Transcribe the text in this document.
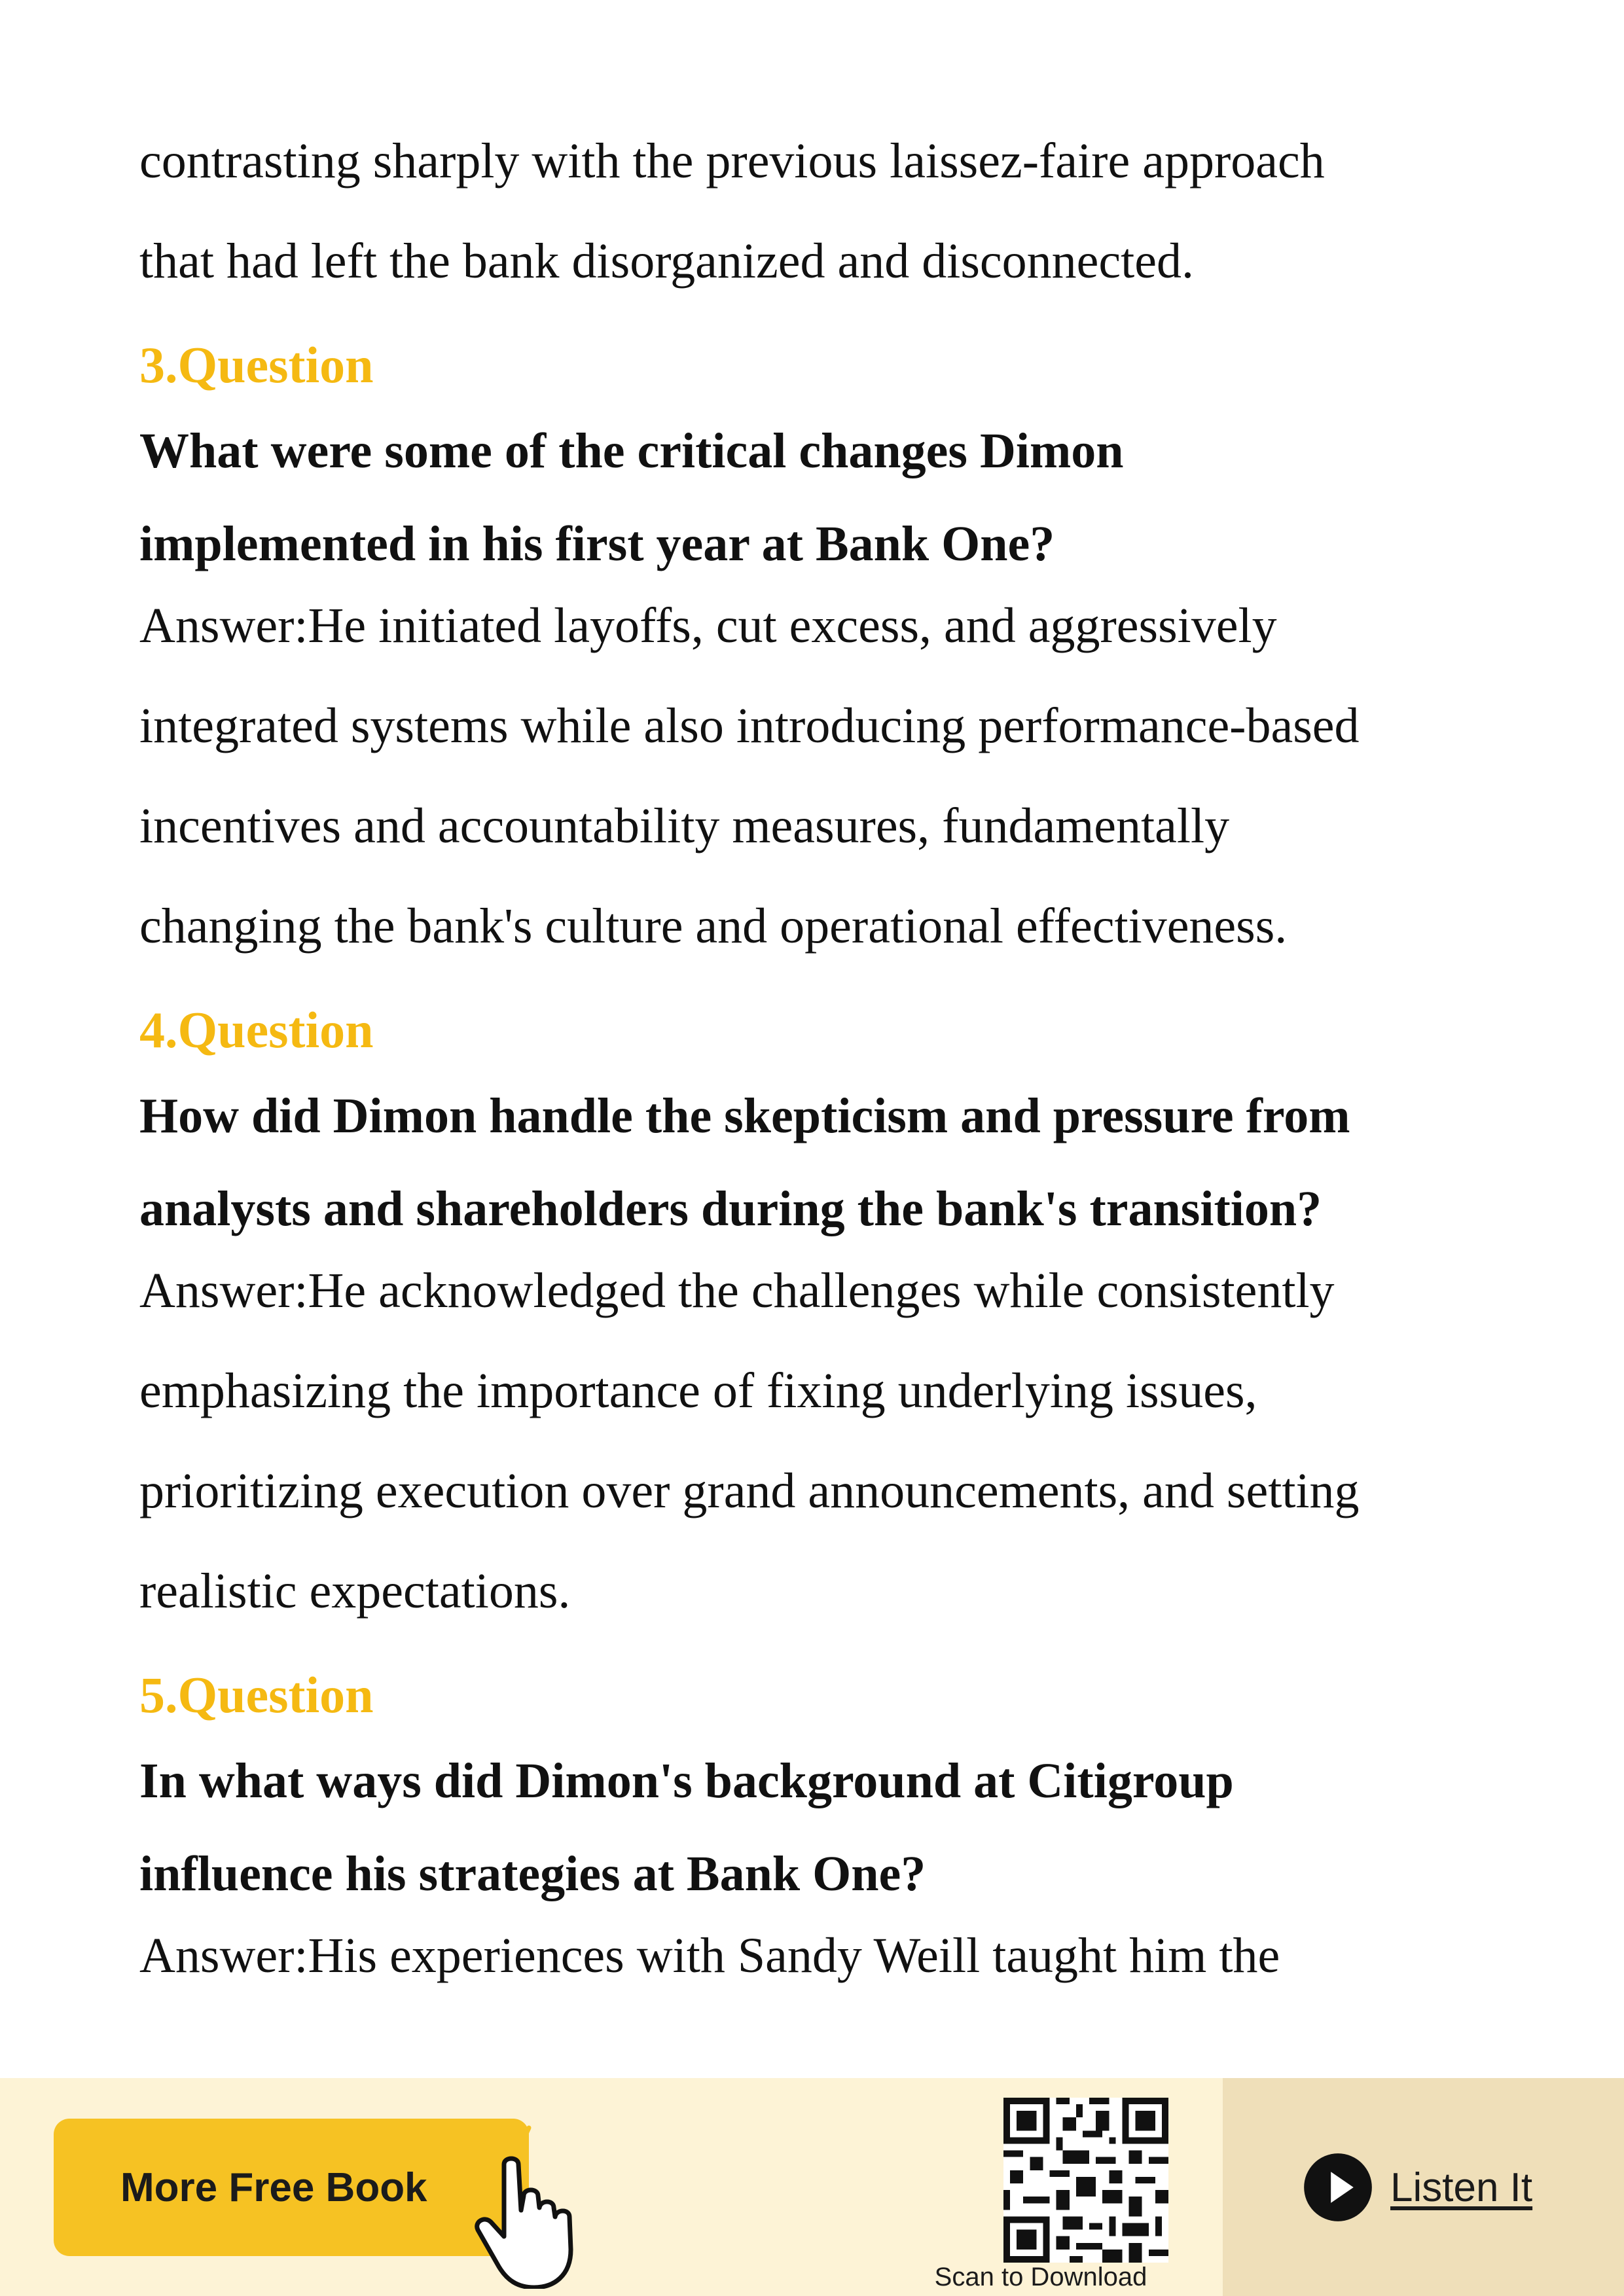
contrasting sharply with the previous laissez-faire approach

that had left the bank disorganized and disconnected.

3.Question

What were some of the critical changes Dimon

implemented in his first year at Bank One?

Answer:He initiated layoffs, cut excess, and aggressively

integrated systems while also introducing performance-based

incentives and accountability measures, fundamentally

changing the bank's culture and operational effectiveness.

4.Question

How did Dimon handle the skepticism and pressure from

analysts and shareholders during the bank's transition?

Answer:He acknowledged the challenges while consistently

emphasizing the importance of fixing underlying issues,

prioritizing execution over grand announcements, and setting

realistic expectations.

5.Question

In what ways did Dimon's background at Citigroup

influence his strategies at Bank One?

Answer:His experiences with Sandy Weill taught him the

More Free Book
Scan to Download
Listen It
